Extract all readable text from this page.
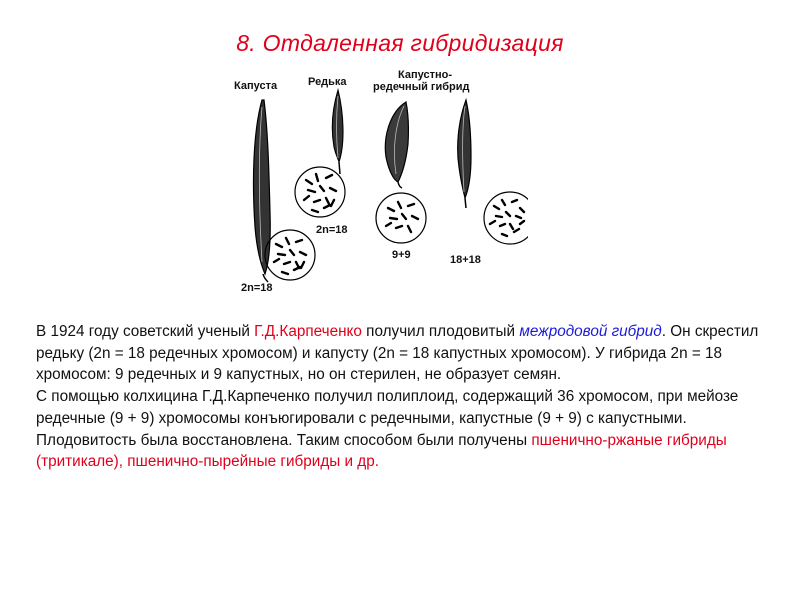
8. Отдаленная гибридизация
Капуста	Редька
Капустно-
редечный гибрид
2n=18
9+9	18+18
2n=18

В 1924 году советский ученый Г.Д.Карпеченко получил плодовитый межродовой гибрид. Он скрестил редьку (2n = 18 редечных хромосом) и капусту (2n = 18 капустных хромосом). У гибрида 2n = 18 хромосом: 9 редечных и 9 капустных, но он стерилен, не образует семян.

С помощью колхицина Г.Д.Карпеченко получил полиплоид, содержащий 36 хромосом, при мейозе редечные (9 + 9) хромосомы конъюгировали с редечными, капустные (9 + 9) с капустными. Плодовитость была восстановлена. Таким способом были получены пшенично-ржаные гибриды (тритикале), пшенично-пырейные гибриды и др.
